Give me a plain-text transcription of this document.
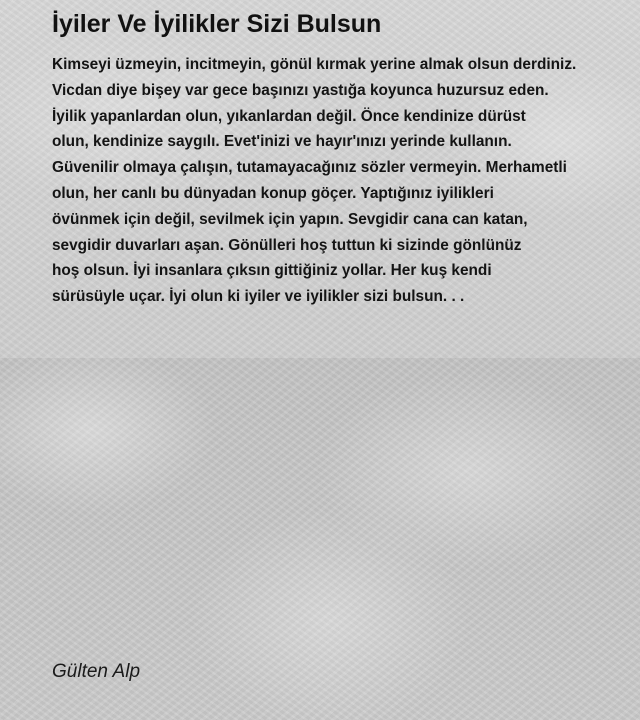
İyiler Ve İyilikler Sizi Bulsun
Kimseyi üzmeyin, incitmeyin, gönül kırmak yerine almak olsun derdiniz.
Vicdan diye bişey var gece başınızı yastığa koyunca huzursuz eden.
İyilik yapanlardan olun, yıkanlardan değil. Önce kendinize dürüst
olun, kendinize saygılı. Evet'inizi ve hayır'ınızı yerinde kullanın.
Güvenilir olmaya çalışın, tutamayacağınız sözler vermeyin. Merhametli
olun, her canlı bu dünyadan konup göçer. Yaptığınız iyilikleri
övünmek için değil, sevilmek için yapın. Sevgidir cana can katan,
sevgidir duvarları aşan. Gönülleri hoş tuttun ki sizinde gönlünüz
hoş olsun. İyi insanlara çıksın gittiğiniz yollar. Her kuş kendi
sürüsüyle uçar. İyi olun ki iyiler ve iyilikler sizi bulsun. . .
Gülten Alp
